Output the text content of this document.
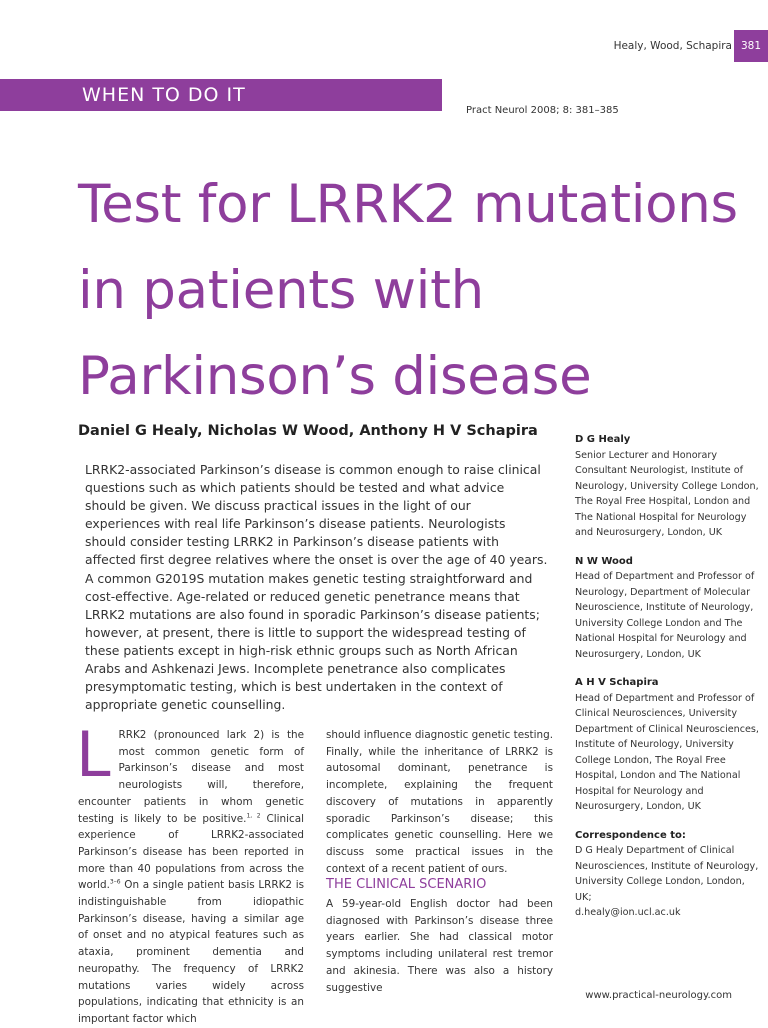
Healy, Wood, Schapira 381
WHEN TO DO IT
Pract Neurol 2008; 8: 381–385
Test for LRRK2 mutations in patients with Parkinson’s disease
Daniel G Healy, Nicholas W Wood, Anthony H V Schapira

LRRK2-associated Parkinson’s disease is common enough to raise clinical questions such as which patients should be tested and what advice should be given. We discuss practical issues in the light of our experiences with real life Parkinson’s disease patients. Neurologists should consider testing LRRK2 in Parkinson’s disease patients with affected first degree relatives where the onset is over the age of 40 years. A common G2019S mutation makes genetic testing straightforward and cost-effective. Age-related or reduced genetic penetrance means that LRRK2 mutations are also found in sporadic Parkinson’s disease patients; however, at present, there is little to support the widespread testing of these patients except in high-risk ethnic groups such as North African Arabs and Ashkenazi Jews. Incomplete penetrance also complicates presymptomatic testing, which is best undertaken in the context of appropriate genetic counselling.

LRRK2 (pronounced lark 2) is the most common genetic form of Parkinson’s disease and most neurologists will, therefore, encounter patients in whom genetic testing is likely to be positive.$^{1, 2}$ Clinical experience of LRRK2-associated Parkinson’s disease has been reported in more than 40 populations from across the world.$^{3-6}$ On a single patient basis LRRK2 is indistinguishable from idiopathic Parkinson’s disease, having a similar age of onset and no atypical features such as ataxia, prominent dementia and neuropathy. The frequency of LRRK2 mutations varies widely across populations, indicating that ethnicity is an important factor which

should influence diagnostic genetic testing. Finally, while the inheritance of LRRK2 is autosomal dominant, penetrance is incomplete, explaining the frequent discovery of mutations in apparently sporadic Parkinson’s disease; this complicates genetic counselling. Here we discuss some practical issues in the context of a recent patient of ours.

THE CLINICAL SCENARIO

A 59-year-old English doctor had been diagnosed with Parkinson’s disease three years earlier. She had classical motor symptoms including unilateral rest tremor and akinesia. There was also a history suggestive

D G Healy

Senior Lecturer and Honorary Consultant Neurologist, Institute of Neurology, University College London, The Royal Free Hospital, London and The National Hospital for Neurology and Neurosurgery, London, UK

N W Wood

Head of Department and Professor of Neurology, Department of Molecular Neuroscience, Institute of Neurology, University College London and The National Hospital for Neurology and Neurosurgery, London, UK

A H V Schapira

Head of Department and Professor of Clinical Neurosciences, University Department of Clinical Neurosciences, Institute of Neurology, University College London, The Royal Free Hospital, London and The National Hospital for Neurology and Neurosurgery, London, UK

Correspondence to:

D G Healy Department of Clinical Neurosciences, Institute of Neurology, University College London, London, UK;

d.healy@ion.ucl.ac.uk
www.practical-neurology.com
